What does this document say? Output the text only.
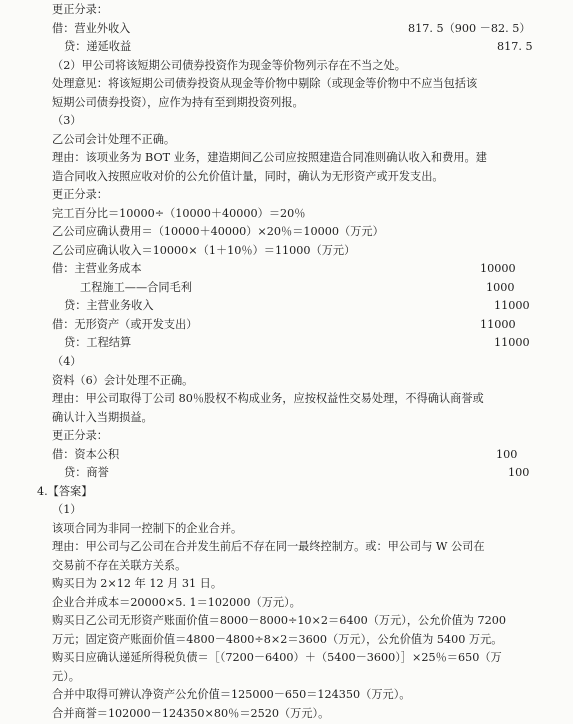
更正分录：
借：营业外收入	817. 5（900 －82. 5）
贷：递延收益	817. 5
（2）甲公司将该短期公司债券投资作为现金等价物列示存在不当之处。
处理意见：将该短期公司债券投资从现金等价物中剔除（或现金等价物中不应当包括该
短期公司债券投资），应作为持有至到期投资列报。
（3）
乙公司会计处理不正确。
理由：该项业务为 BOT 业务，建造期间乙公司应按照建造合同准则确认收入和费用。建
造合同收入按照应收对价的公允价值计量，同时，确认为无形资产或开发支出。
更正分录：
完工百分比＝10000÷（10000＋40000）＝20％
乙公司应确认费用＝（10000＋40000）×20％＝10000（万元）
乙公司应确认收入＝10000×（1＋10％）＝11000（万元）
借：主营业务成本	10000
工程施工——合同毛利	1000
贷：主营业务收入	11000
借：无形资产（或开发支出）	11000
贷：工程结算	11000
（4）
资料（6）会计处理不正确。
理由：甲公司取得丁公司 80％股权不构成业务，应按权益性交易处理，不得确认商誉或
确认计入当期损益。
更正分录：
借：资本公积	100
贷：商誉	100
4.【答案】
（1）
该项合同为非同一控制下的企业合并。
理由：甲公司与乙公司在合并发生前后不存在同一最终控制方。或：甲公司与 W 公司在
交易前不存在关联方关系。
购买日为 2×12 年 12 月 31 日。
企业合并成本＝20000×5. 1＝102000（万元）。
购买日乙公司无形资产账面价值＝8000－8000÷10×2＝6400（万元），公允价值为 7200
万元；固定资产账面价值＝4800－4800÷8×2＝3600（万元），公允价值为 5400 万元。
购买日应确认递延所得税负债＝［（7200－6400）＋（5400－3600）］×25％＝650（万
元）。
合并中取得可辨认净资产公允价值＝125000－650＝124350（万元）。
合并商誉＝102000－124350×80％＝2520（万元）。
